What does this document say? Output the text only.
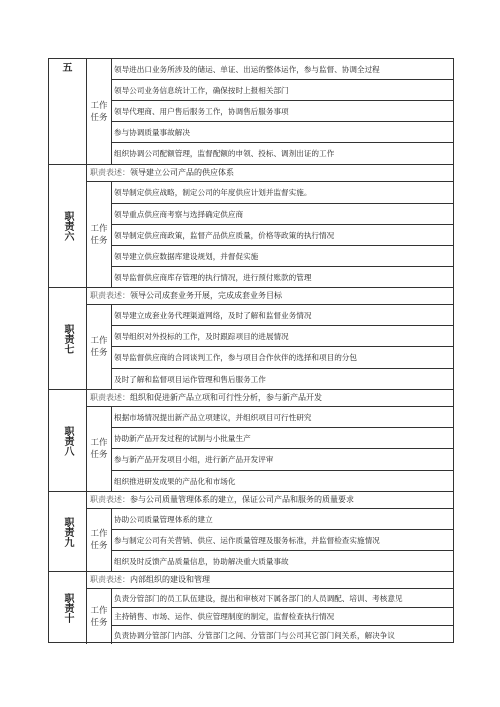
五
工作任务
领导进出口业务所涉及的储运、单证、出运的整体运作，参与监督、协调全过程
领导公司业务信息统计工作，确保按时上报相关部门
领导代理商、用户售后服务工作，协调售后服务事项
参与协调质量事故解决
组织协调公司配额管理，监督配额的申领、投标、调剂出证的工作
职责六
职责表述：领导建立公司产品的供应体系
工作任务
领导制定供应战略，制定公司的年度供应计划并监督实施。
领导重点供应商考察与选择确定供应商
领导制定供应商政策，监督产品供应质量，价格等政策的执行情况
领导建立供应数据库建设规划，并督促实施
领导监督供应商库存管理的执行情况，进行预付账款的管理
职责七
职责表述：领导公司成套业务开展，完成成套业务目标
工作任务
领导建立成套业务代理渠道网络，及时了解和监督业务情况
领导组织对外投标的工作，及时跟踪项目的进展情况
领导监督供应商的合同谈判工作，参与项目合作伙伴的选择和项目的分包
及时了解和监督项目运作管理和售后服务工作
职责八
职责表述：组织和促进新产品立项和可行性分析，参与新产品开发
工作任务
根据市场情况提出新产品立项建议，并组织项目可行性研究
协助新产品开发过程的试制与小批量生产
参与新产品开发项目小组，进行新产品开发评审
组织推进研发成果的产品化和市场化
职责九
职责表述：参与公司质量管理体系的建立，保证公司产品和服务的质量要求
工作任务
协助公司质量管理体系的建立
参与制定公司有关营销、供应、运作质量管理及服务标准，并监督检查实施情况
组织及时反馈产品质量信息，协助解决重大质量事故
职责十
职责表述：内部组织的建设和管理
工作任务
负责分管部门的员工队伍建设，提出和审核对下属各部门的人员调配、培训、考核意见
主持销售、市场、运作、供应管理制度的制定，监督检查执行情况
负责协调分管部门内部、分管部门之间、分管部门与公司其它部门间关系，解决争议
